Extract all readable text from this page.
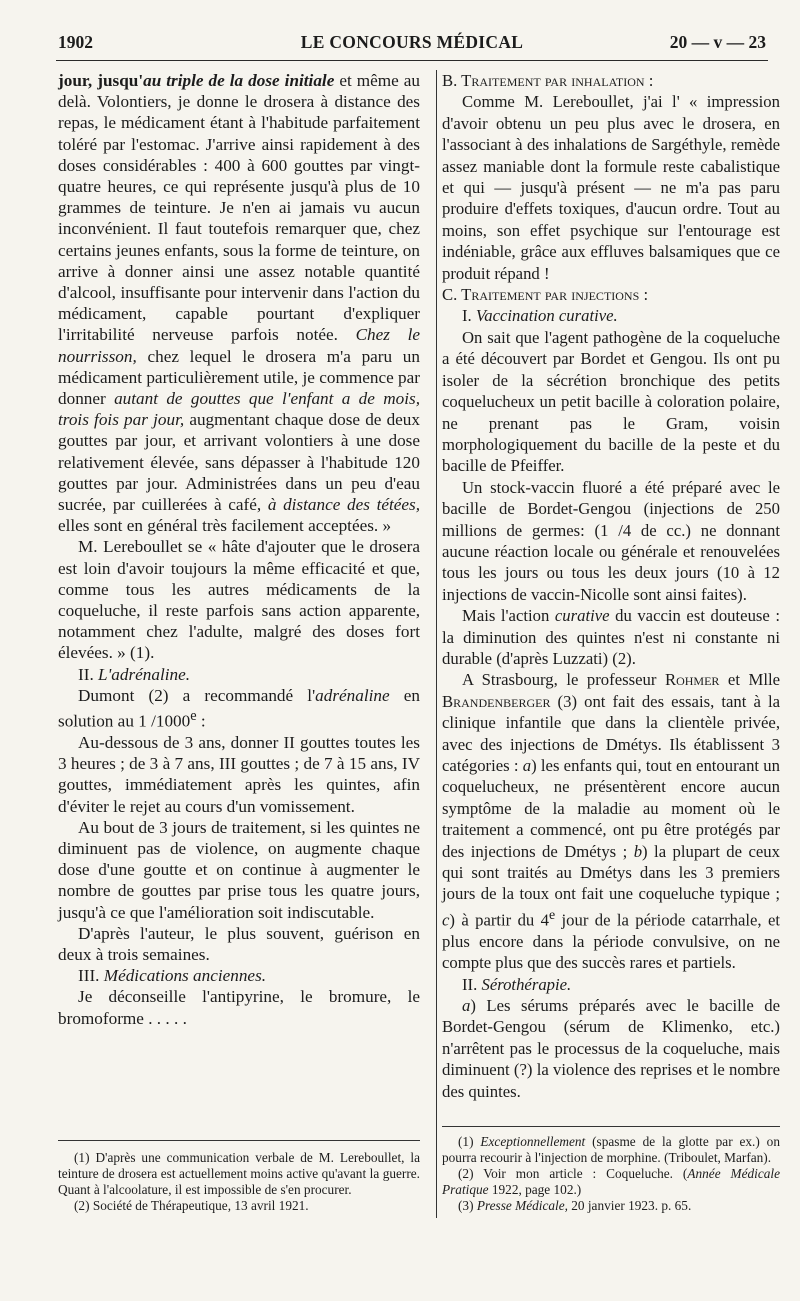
1902	LE CONCOURS MÉDICAL	20 — v — 23

jour, jusqu'au triple de la dose initiale et même au delà. Volontiers, je donne le drosera à distance des repas, le médicament étant à l'habitude parfaitement toléré par l'estomac. J'arrive ainsi rapidement à des doses considérables : 400 à 600 gouttes par vingt-quatre heures, ce qui représente jusqu'à plus de 10 grammes de teinture. Je n'en ai jamais vu aucun inconvénient. Il faut toutefois remarquer que, chez certains jeunes enfants, sous la forme de teinture, on arrive à donner ainsi une assez notable quantité d'alcool, insuffisante pour intervenir dans l'action du médicament, capable pourtant d'expliquer l'irritabilité nerveuse parfois notée. Chez le nourrisson, chez lequel le drosera m'a paru un médicament particulièrement utile, je commence par donner autant de gouttes que l'enfant a de mois, trois fois par jour, augmentant chaque dose de deux gouttes par jour, et arrivant volontiers à une dose relativement élevée, sans dépasser à l'habitude 120 gouttes par jour. Administrées dans un peu d'eau sucrée, par cuillerées à café, à distance des tétées, elles sont en général très facilement acceptées. »

M. Lereboullet se « hâte d'ajouter que le drosera est loin d'avoir toujours la même efficacité et que, comme tous les autres médicaments de la coqueluche, il reste parfois sans action apparente, notamment chez l'adulte, malgré des doses fort élevées. » (1).

II. L'adrénaline.

Dumont (2) a recommandé l'adrénaline en solution au 1 /1000e :

Au-dessous de 3 ans, donner II gouttes toutes les 3 heures ; de 3 à 7 ans, III gouttes ; de 7 à 15 ans, IV gouttes, immédiatement après les quintes, afin d'éviter le rejet au cours d'un vomissement.

Au bout de 3 jours de traitement, si les quintes ne diminuent pas de violence, on augmente chaque dose d'une goutte et on continue à augmenter le nombre de gouttes par prise tous les quatre jours, jusqu'à ce que l'amélioration soit indiscutable.

D'après l'auteur, le plus souvent, guérison en deux à trois semaines.

III. Médications anciennes.

Je déconseille l'antipyrine, le bromure, le bromoforme . . . . .

(1) D'après une communication verbale de M. Lereboullet, la teinture de drosera est actuellement moins active qu'avant la guerre. Quant à l'alcoolature, il est impossible de s'en procurer.

(2) Société de Thérapeutique, 13 avril 1921.

B. Traitement par inhalation :

Comme M. Lereboullet, j'ai l' « impression d'avoir obtenu un peu plus avec le drosera, en l'associant à des inhalations de Sargéthyle, remède assez maniable dont la formule reste cabalistique et qui — jusqu'à présent — ne m'a pas paru produire d'effets toxiques, d'aucun ordre. Tout au moins, son effet psychique sur l'entourage est indéniable, grâce aux effluves balsamiques que ce produit répand !

C. Traitement par injections :

I. Vaccination curative.

On sait que l'agent pathogène de la coqueluche a été découvert par Bordet et Gengou. Ils ont pu isoler de la sécrétion bronchique des petits coquelucheux un petit bacille à coloration polaire, ne prenant pas le Gram, voisin morphologiquement du bacille de la peste et du bacille de Pfeiffer.

Un stock-vaccin fluoré a été préparé avec le bacille de Bordet-Gengou (injections de 250 millions de germes: (1 /4 de cc.) ne donnant aucune réaction locale ou générale et renouvelées tous les jours ou tous les deux jours (10 à 12 injections de vaccin-Nicolle sont ainsi faites).

Mais l'action curative du vaccin est douteuse : la diminution des quintes n'est ni constante ni durable (d'après Luzzati) (2).

A Strasbourg, le professeur Rohmer et Mlle Brandenberger (3) ont fait des essais, tant à la clinique infantile que dans la clientèle privée, avec des injections de Dmétys. Ils établissent 3 catégories : a) les enfants qui, tout en entourant un coquelucheux, ne présentèrent encore aucun symptôme de la maladie au moment où le traitement a commencé, ont pu être protégés par des injections de Dmétys ; b) la plupart de ceux qui sont traités au Dmétys dans les 3 premiers jours de la toux ont fait une coqueluche typique ; c) à partir du 4e jour de la période catarrhale, et plus encore dans la période convulsive, on ne compte plus que des succès rares et partiels.

II. Sérothérapie.

a) Les sérums préparés avec le bacille de Bordet-Gengou (sérum de Klimenko, etc.) n'arrêtent pas le processus de la coqueluche, mais diminuent (?) la violence des reprises et le nombre des quintes.

(1) Exceptionnellement (spasme de la glotte par ex.) on pourra recourir à l'injection de morphine. (Triboulet, Marfan).

(2) Voir mon article : Coqueluche. (Année Médicale Pratique 1922, page 102.)

(3) Presse Médicale, 20 janvier 1923. p. 65.
